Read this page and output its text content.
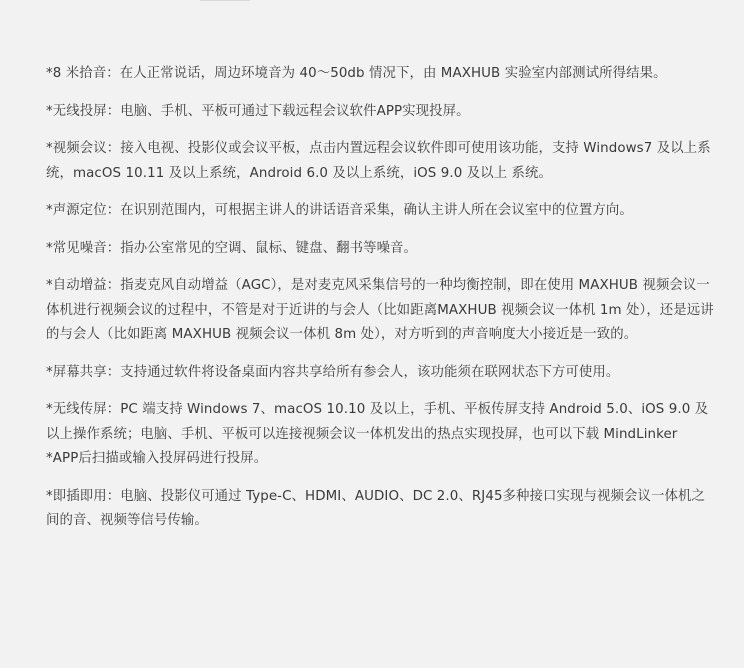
*8 米拾音：在人正常说话，周边环境音为 40～50db 情况下，由 MAXHUB 实验室内部测试所得结果。

*无线投屏：电脑、手机、平板可通过下载远程会议软件APP实现投屏。

*视频会议：接入电视、投影仪或会议平板，点击内置远程会议软件即可使用该功能，支持 Windows7 及以上系统，macOS 10.11 及以上系统，Android 6.0 及以上系统，iOS 9.0 及以上 系统。

*声源定位：在识别范围内，可根据主讲人的讲话语音采集，确认主讲人所在会议室中的位置方向。

*常见噪音：指办公室常见的空调、鼠标、键盘、翻书等噪音。

*自动增益：指麦克风自动增益（AGC），是对麦克风采集信号的一种均衡控制，即在使用 MAXHUB 视频会议一体机进行视频会议的过程中，不管是对于近讲的与会人（比如距离MAXHUB 视频会议一体机 1m 处），还是远讲的与会人（比如距离 MAXHUB 视频会议一体机 8m 处），对方听到的声音响度大小接近是一致的。

*屏幕共享：支持通过软件将设备桌面内容共享给所有参会人，该功能须在联网状态下方可使用。

*无线传屏：PC 端支持 Windows 7、macOS 10.10 及以上，手机、平板传屏支持 Android 5.0、iOS 9.0 及以上操作系统；电脑、手机、平板可以连接视频会议一体机发出的热点实现投屏，也可以下载 MindLinker *APP后扫描或输入投屏码进行投屏。

*即插即用：电脑、投影仪可通过 Type-C、HDMI、AUDIO、DC 2.0、RJ45多种接口实现与视频会议一体机之间的音、视频等信号传输。
